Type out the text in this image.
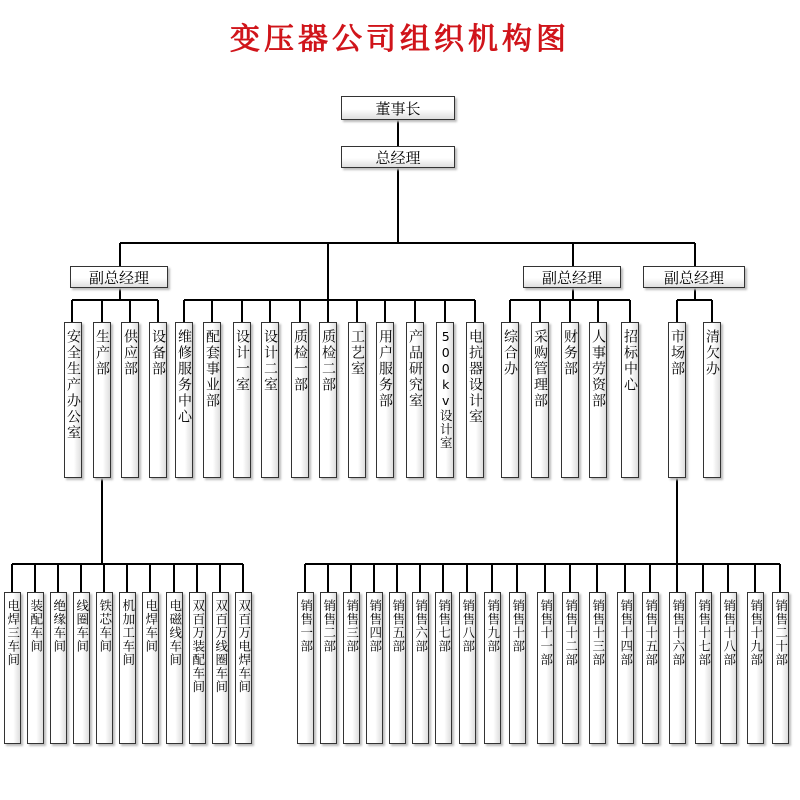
变压器公司组织机构图
董事长
总经理
副总经理	副总经理	副总经理
安全生产办公室 生产部 供应部 设备部 维修服务中心 配套事业部 设计一室 设计二室 质检一部 质检二部 工艺室 用户服务部 产品研究室 500kv设计室 电抗器设计室 综合办 采购管理部 财务部 人事劳资部 招标中心 市场部 清欠办
电焊三车间 装配车间 绝缘车间 线圈车间 铁芯车间 机加工车间 电焊车间 电磁线车间 双百万装配车间 双百万线圈车间 双百万电焊车间	销售一部 销售二部 销售三部 销售四部 销售五部 销售六部 销售七部 销售八部 销售九部 销售十部 销售十一部 销售十二部 销售十三部 销售十四部 销售十五部 销售十六部 销售十七部 销售十八部 销售十九部 销售二十部
